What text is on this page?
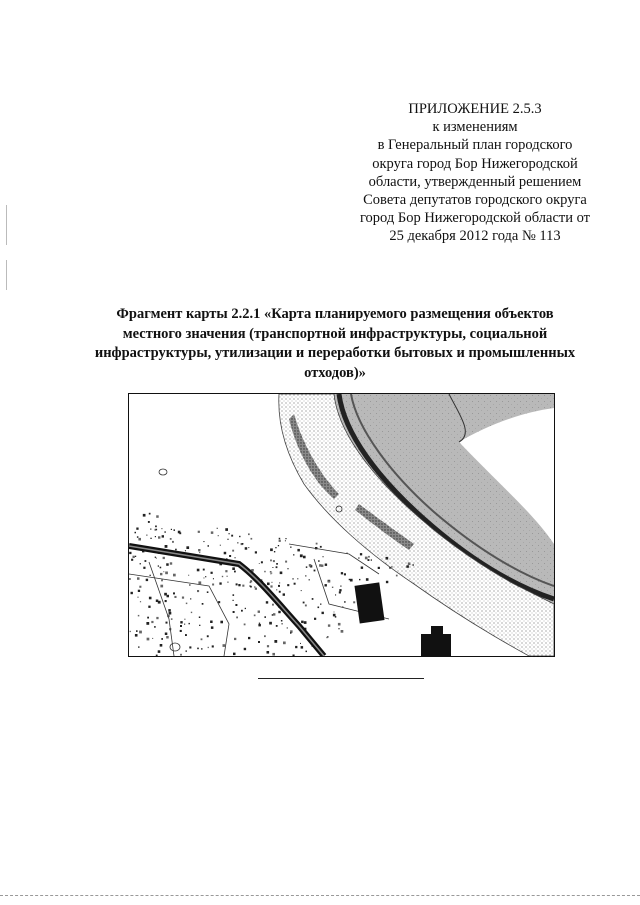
ПРИЛОЖЕНИЕ 2.5.3
к изменениям
в Генеральный план городского
округа город Бор Нижегородской
области, утвержденный решением
Совета депутатов городского округа
город Бор Нижегородской области от
25 декабря 2012 года № 113
Фрагмент карты 2.2.1 «Карта планируемого размещения объектов
местного значения (транспортной инфраструктуры, социальной
инфраструктуры, утилизации и переработки бытовых и промышленных
отходов)»
